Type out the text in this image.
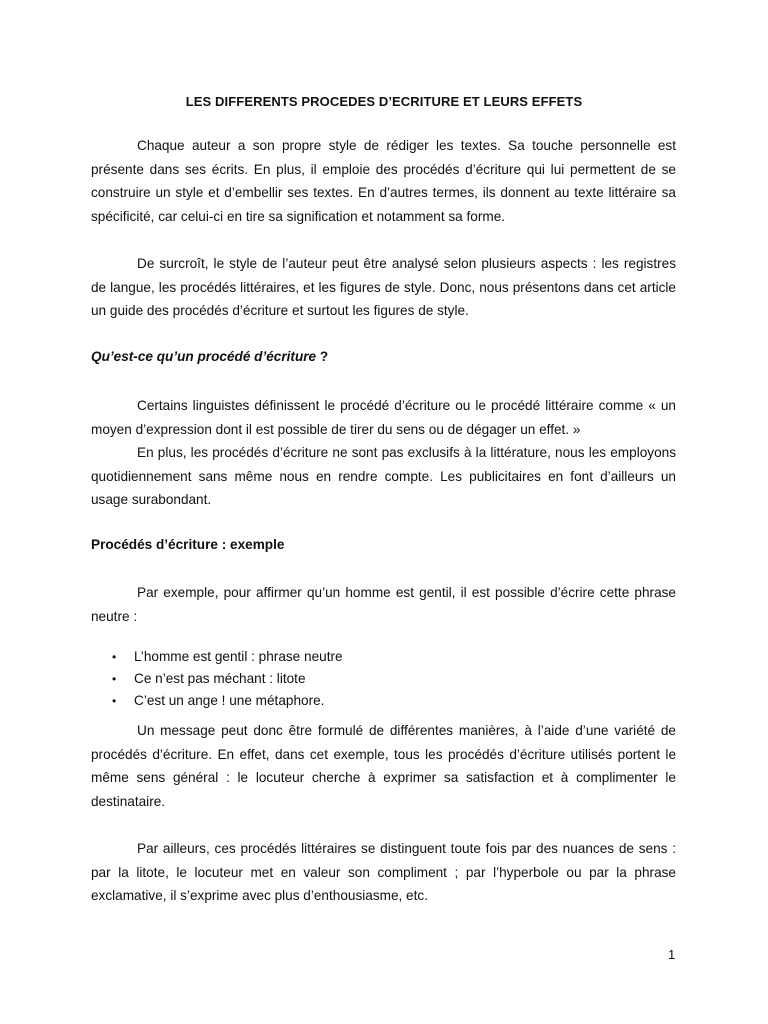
LES DIFFERENTS PROCEDES D’ECRITURE ET LEURS EFFETS

Chaque auteur a son propre style de rédiger les textes. Sa touche personnelle est présente dans ses écrits. En plus, il emploie des procédés d’écriture qui lui permettent de se construire un style et d’embellir ses textes. En d’autres termes, ils donnent au texte littéraire sa spécificité, car celui-ci en tire sa signification et notamment sa forme.

De surcroît, le style de l’auteur peut être analysé selon plusieurs aspects : les registres de langue, les procédés littéraires, et les figures de style. Donc, nous présentons dans cet article un guide des procédés d’écriture et surtout les figures de style.

Qu’est-ce qu’un procédé d’écriture ?

Certains linguistes définissent le procédé d’écriture ou le procédé littéraire comme « un moyen d’expression dont il est possible de tirer du sens ou de dégager un effet. »

En plus, les procédés d’écriture ne sont pas exclusifs à la littérature, nous les employons quotidiennement sans même nous en rendre compte. Les publicitaires en font d’ailleurs un usage surabondant.

Procédés d’écriture : exemple

Par exemple, pour affirmer qu’un homme est gentil, il est possible d’écrire cette phrase neutre :

• L’homme est gentil : phrase neutre
• Ce n’est pas méchant : litote
• C’est un ange ! une métaphore.

Un message peut donc être formulé de différentes manières, à l’aide d’une variété de procédés d’écriture. En effet, dans cet exemple, tous les procédés d’écriture utilisés portent le même sens général : le locuteur cherche à exprimer sa satisfaction et à complimenter le destinataire.

Par ailleurs, ces procédés littéraires se distinguent toute fois par des nuances de sens : par la litote, le locuteur met en valeur son compliment ; par l’hyperbole ou par la phrase exclamative, il s’exprime avec plus d’enthousiasme, etc.

1
